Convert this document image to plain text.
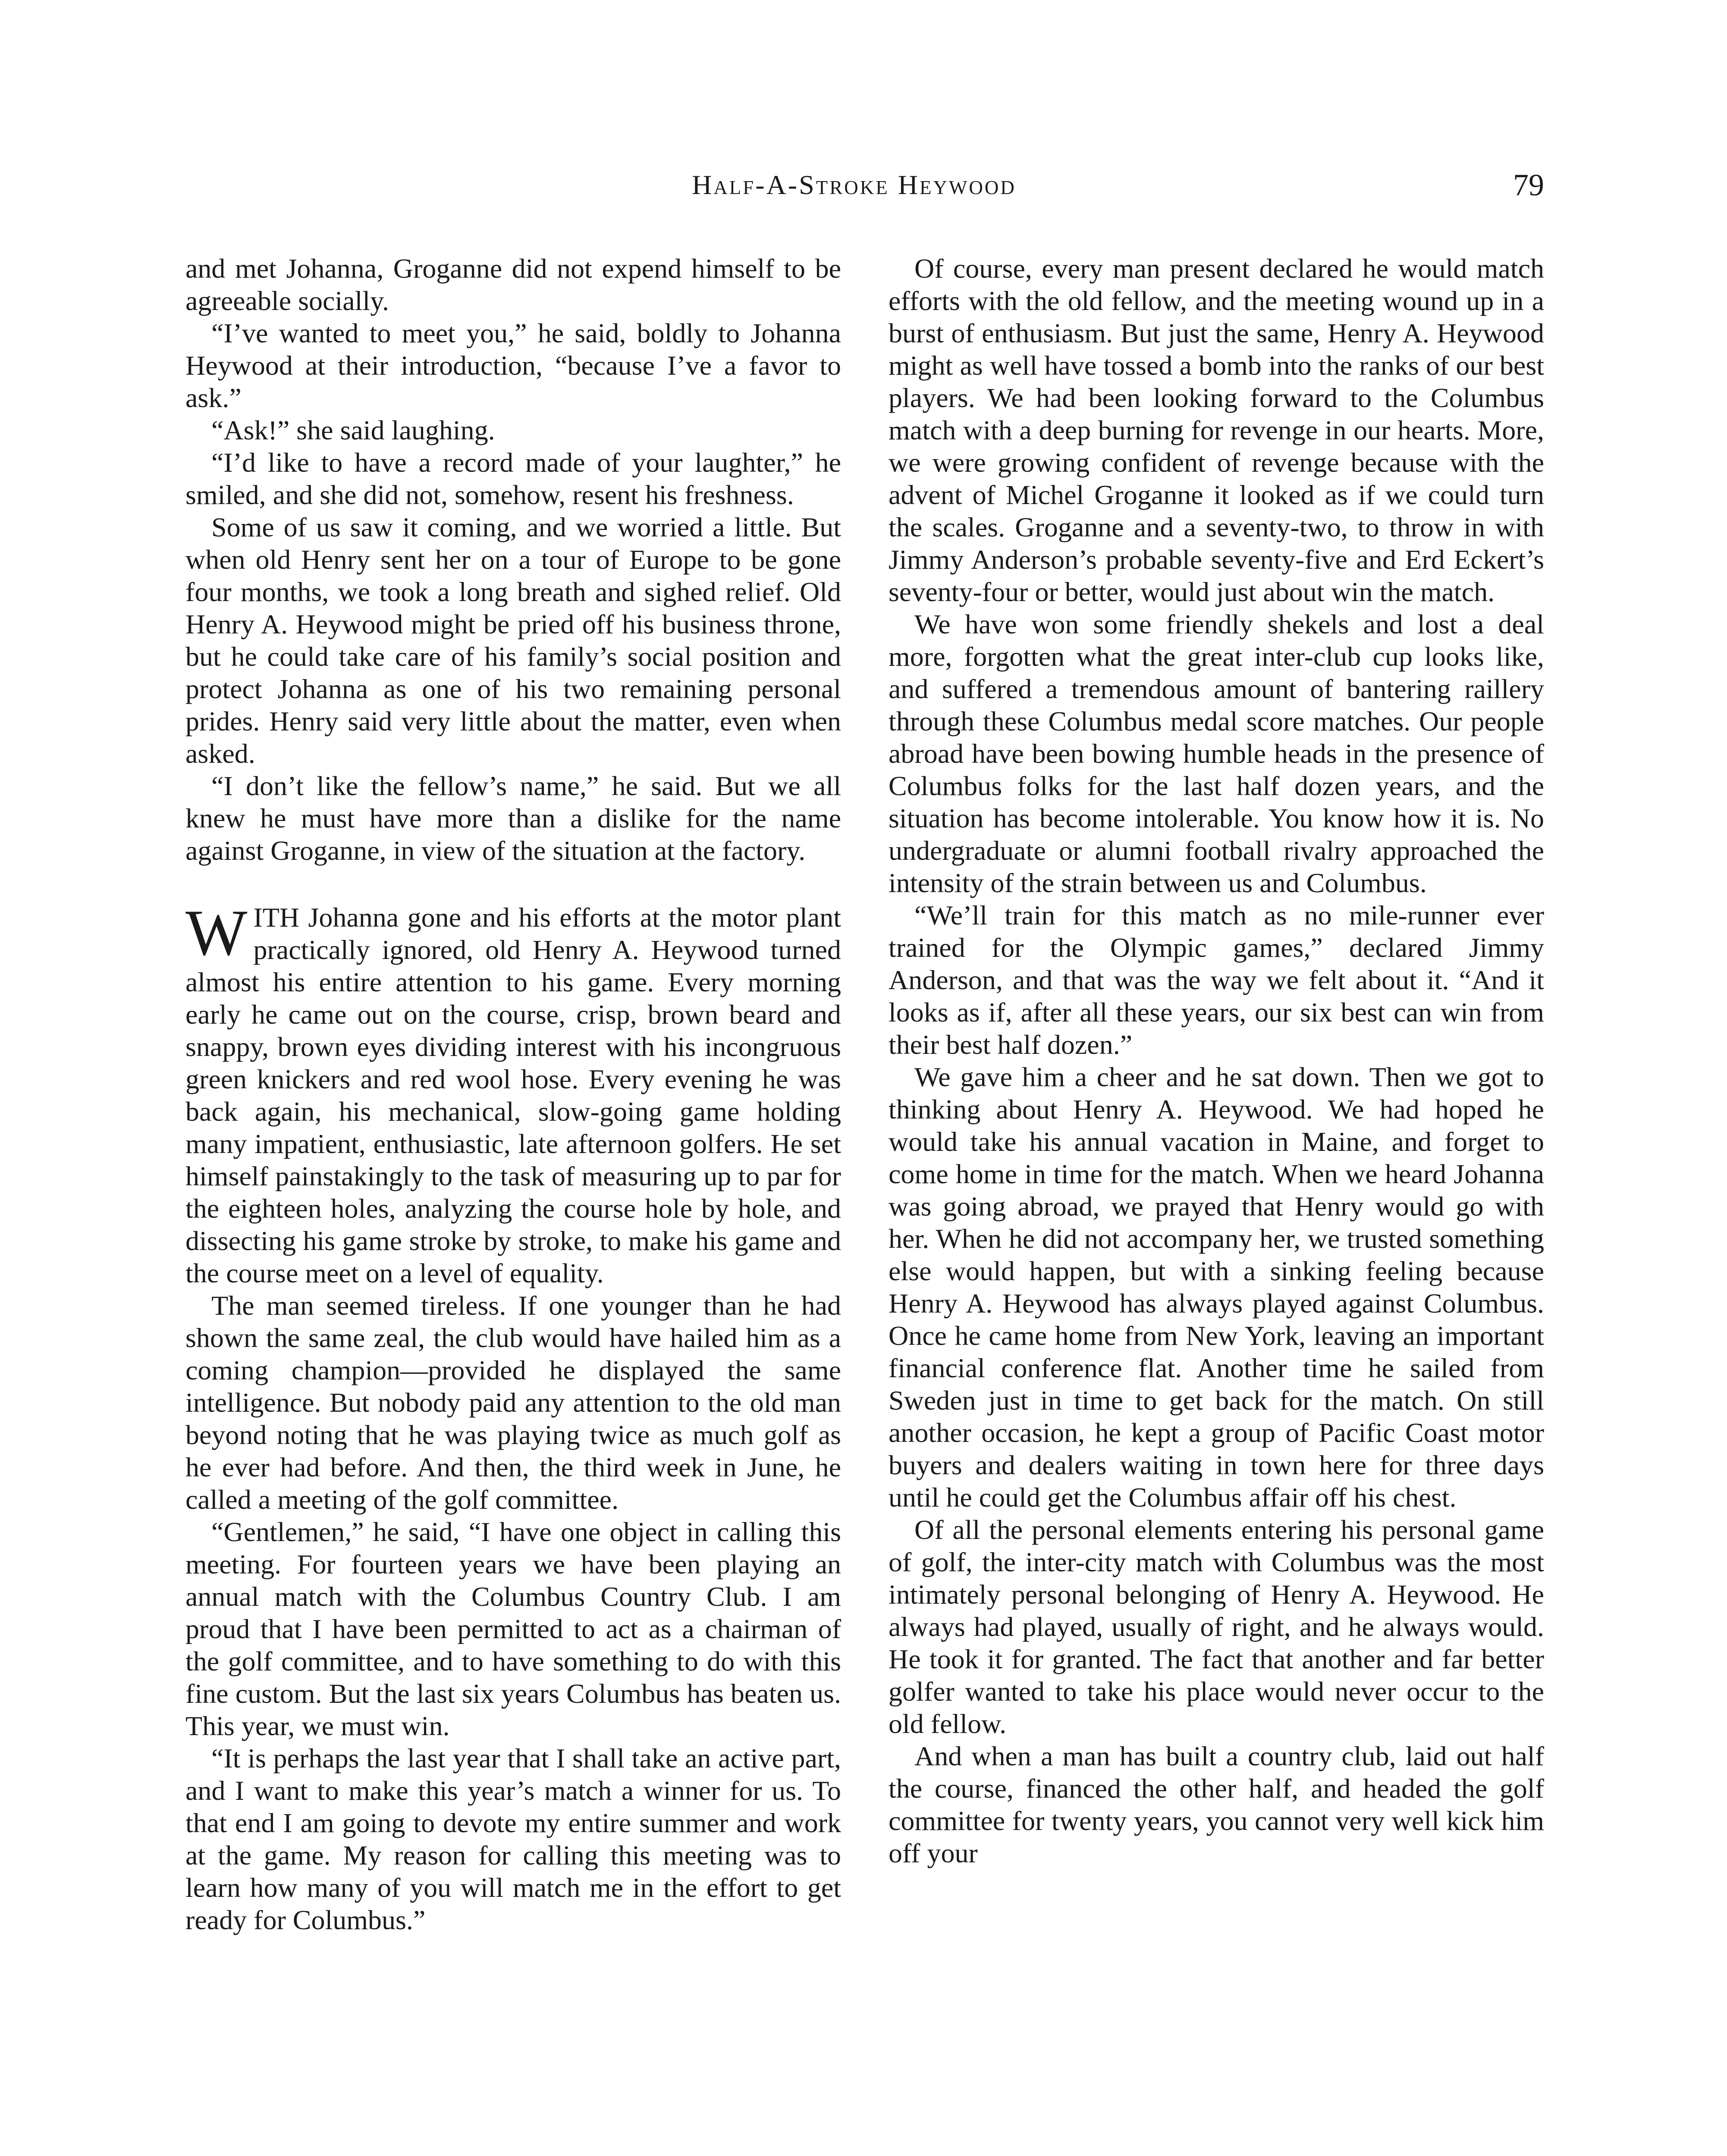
Half-A-Stroke Heywood	79

and met Johanna, Groganne did not expend himself to be agreeable socially.

“I’ve wanted to meet you,” he said, boldly to Johanna Heywood at their introduction, “because I’ve a favor to ask.”

“Ask!” she said laughing.

“I’d like to have a record made of your laughter,” he smiled, and she did not, somehow, resent his freshness.

Some of us saw it coming, and we worried a little. But when old Henry sent her on a tour of Europe to be gone four months, we took a long breath and sighed relief. Old Henry A. Heywood might be pried off his business throne, but he could take care of his family’s social position and protect Johanna as one of his two remaining personal prides. Henry said very little about the matter, even when asked.

“I don’t like the fellow’s name,” he said. But we all knew he must have more than a dislike for the name against Groganne, in view of the situation at the factory.

WITH Johanna gone and his efforts at the motor plant practically ignored, old Henry A. Heywood turned almost his entire attention to his game. Every morning early he came out on the course, crisp, brown beard and snappy, brown eyes dividing interest with his incongruous green knickers and red wool hose. Every evening he was back again, his mechanical, slow-going game holding many impatient, enthusiastic, late afternoon golfers. He set himself painstakingly to the task of measuring up to par for the eighteen holes, analyzing the course hole by hole, and dissecting his game stroke by stroke, to make his game and the course meet on a level of equality.

The man seemed tireless. If one younger than he had shown the same zeal, the club would have hailed him as a coming champion—provided he displayed the same intelligence. But nobody paid any attention to the old man beyond noting that he was playing twice as much golf as he ever had before. And then, the third week in June, he called a meeting of the golf committee.

“Gentlemen,” he said, “I have one object in calling this meeting. For fourteen years we have been playing an annual match with the Columbus Country Club. I am proud that I have been permitted to act as a chairman of the golf committee, and to have something to do with this fine custom. But the last six years Columbus has beaten us. This year, we must win.

“It is perhaps the last year that I shall take an active part, and I want to make this year’s match a winner for us. To that end I am going to devote my entire summer and work at the game. My reason for calling this meeting was to learn how many of you will match me in the effort to get ready for Columbus.”

Of course, every man present declared he would match efforts with the old fellow, and the meeting wound up in a burst of enthusiasm. But just the same, Henry A. Heywood might as well have tossed a bomb into the ranks of our best players. We had been looking forward to the Columbus match with a deep burning for revenge in our hearts. More, we were growing confident of revenge because with the advent of Michel Groganne it looked as if we could turn the scales. Groganne and a seventy-two, to throw in with Jimmy Anderson’s probable seventy-five and Erd Eckert’s seventy-four or better, would just about win the match.

We have won some friendly shekels and lost a deal more, forgotten what the great inter-club cup looks like, and suffered a tremendous amount of bantering raillery through these Columbus medal score matches. Our people abroad have been bowing humble heads in the presence of Columbus folks for the last half dozen years, and the situation has become intolerable. You know how it is. No undergraduate or alumni football rivalry approached the intensity of the strain between us and Columbus.

“We’ll train for this match as no mile-runner ever trained for the Olympic games,” declared Jimmy Anderson, and that was the way we felt about it. “And it looks as if, after all these years, our six best can win from their best half dozen.”

We gave him a cheer and he sat down. Then we got to thinking about Henry A. Heywood. We had hoped he would take his annual vacation in Maine, and forget to come home in time for the match. When we heard Johanna was going abroad, we prayed that Henry would go with her. When he did not accompany her, we trusted something else would happen, but with a sinking feeling because Henry A. Heywood has always played against Columbus. Once he came home from New York, leaving an important financial conference flat. Another time he sailed from Sweden just in time to get back for the match. On still another occasion, he kept a group of Pacific Coast motor buyers and dealers waiting in town here for three days until he could get the Columbus affair off his chest.

Of all the personal elements entering his personal game of golf, the inter-city match with Columbus was the most intimately personal belonging of Henry A. Heywood. He always had played, usually of right, and he always would. He took it for granted. The fact that another and far better golfer wanted to take his place would never occur to the old fellow.

And when a man has built a country club, laid out half the course, financed the other half, and headed the golf committee for twenty years, you cannot very well kick him off your
